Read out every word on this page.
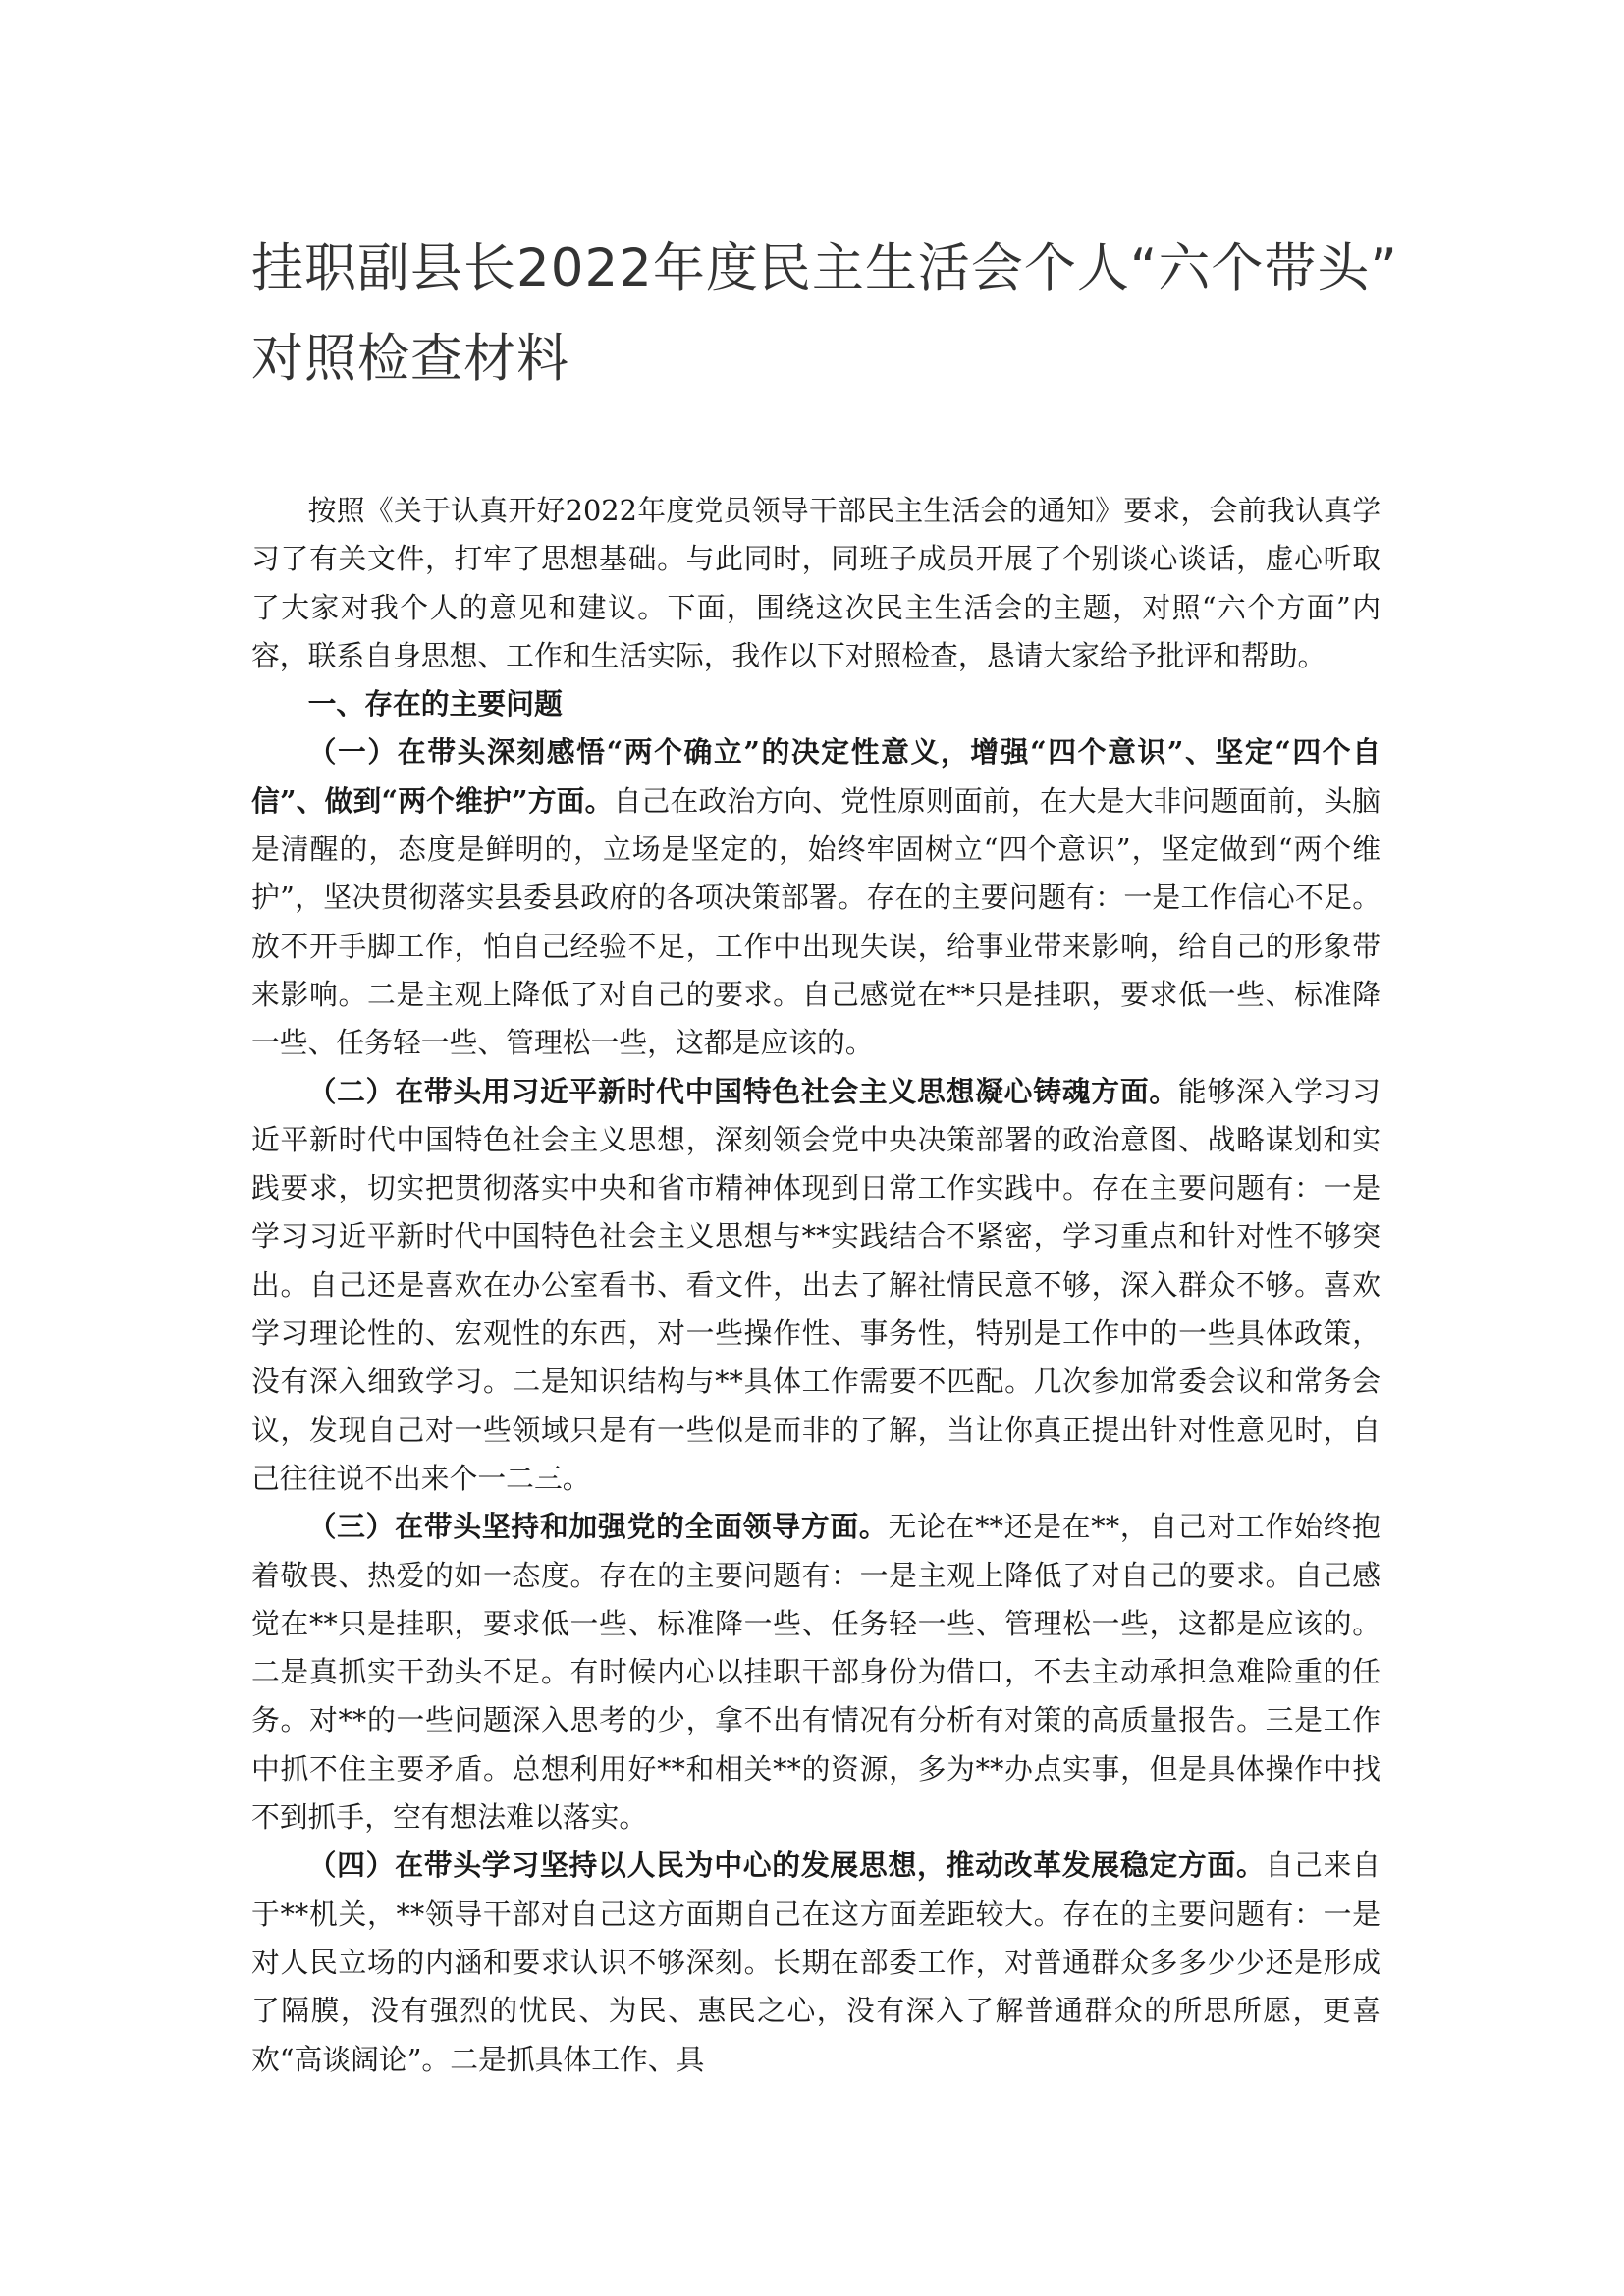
挂职副县长2022年度民主生活会个人“六个带头”
对照检查材料

按照《关于认真开好2022年度党员领导干部民主生活会的通知》要求，会前我认真学习了有关文件，打牢了思想基础。与此同时，同班子成员开展了个别谈心谈话，虚心听取了大家对我个人的意见和建议。下面，围绕这次民主生活会的主题，对照“六个方面”内容，联系自身思想、工作和生活实际，我作以下对照检查，恳请大家给予批评和帮助。

一、存在的主要问题

（一）在带头深刻感悟“两个确立”的决定性意义，增强“四个意识”、坚定“四个自信”、做到“两个维护”方面。自己在政治方向、党性原则面前，在大是大非问题面前，头脑是清醒的，态度是鲜明的，立场是坚定的，始终牢固树立“四个意识”，坚定做到“两个维护”，坚决贯彻落实县委县政府的各项决策部署。存在的主要问题有：一是工作信心不足。放不开手脚工作，怕自己经验不足，工作中出现失误，给事业带来影响，给自己的形象带来影响。二是主观上降低了对自己的要求。自己感觉在**只是挂职，要求低一些、标准降一些、任务轻一些、管理松一些，这都是应该的。

（二）在带头用习近平新时代中国特色社会主义思想凝心铸魂方面。能够深入学习习近平新时代中国特色社会主义思想，深刻领会党中央决策部署的政治意图、战略谋划和实践要求，切实把贯彻落实中央和省市精神体现到日常工作实践中。存在主要问题有：一是学习习近平新时代中国特色社会主义思想与**实践结合不紧密，学习重点和针对性不够突出。自己还是喜欢在办公室看书、看文件，出去了解社情民意不够，深入群众不够。喜欢学习理论性的、宏观性的东西，对一些操作性、事务性，特别是工作中的一些具体政策，没有深入细致学习。二是知识结构与**具体工作需要不匹配。几次参加常委会议和常务会议，发现自己对一些领域只是有一些似是而非的了解，当让你真正提出针对性意见时，自己往往说不出来个一二三。

（三）在带头坚持和加强党的全面领导方面。无论在**还是在**，自己对工作始终抱着敬畏、热爱的如一态度。存在的主要问题有：一是主观上降低了对自己的要求。自己感觉在**只是挂职，要求低一些、标准降一些、任务轻一些、管理松一些，这都是应该的。二是真抓实干劲头不足。有时候内心以挂职干部身份为借口，不去主动承担急难险重的任务。对**的一些问题深入思考的少，拿不出有情况有分析有对策的高质量报告。三是工作中抓不住主要矛盾。总想利用好**和相关**的资源，多为**办点实事，但是具体操作中找不到抓手，空有想法难以落实。

（四）在带头学习坚持以人民为中心的发展思想，推动改革发展稳定方面。自己来自于**机关，**领导干部对自己这方面期自己在这方面差距较大。存在的主要问题有：一是对人民立场的内涵和要求认识不够深刻。长期在部委工作，对普通群众多多少少还是形成了隔膜，没有强烈的忧民、为民、惠民之心，没有深入了解普通群众的所思所愿，更喜欢“高谈阔论”。二是抓具体工作、具
